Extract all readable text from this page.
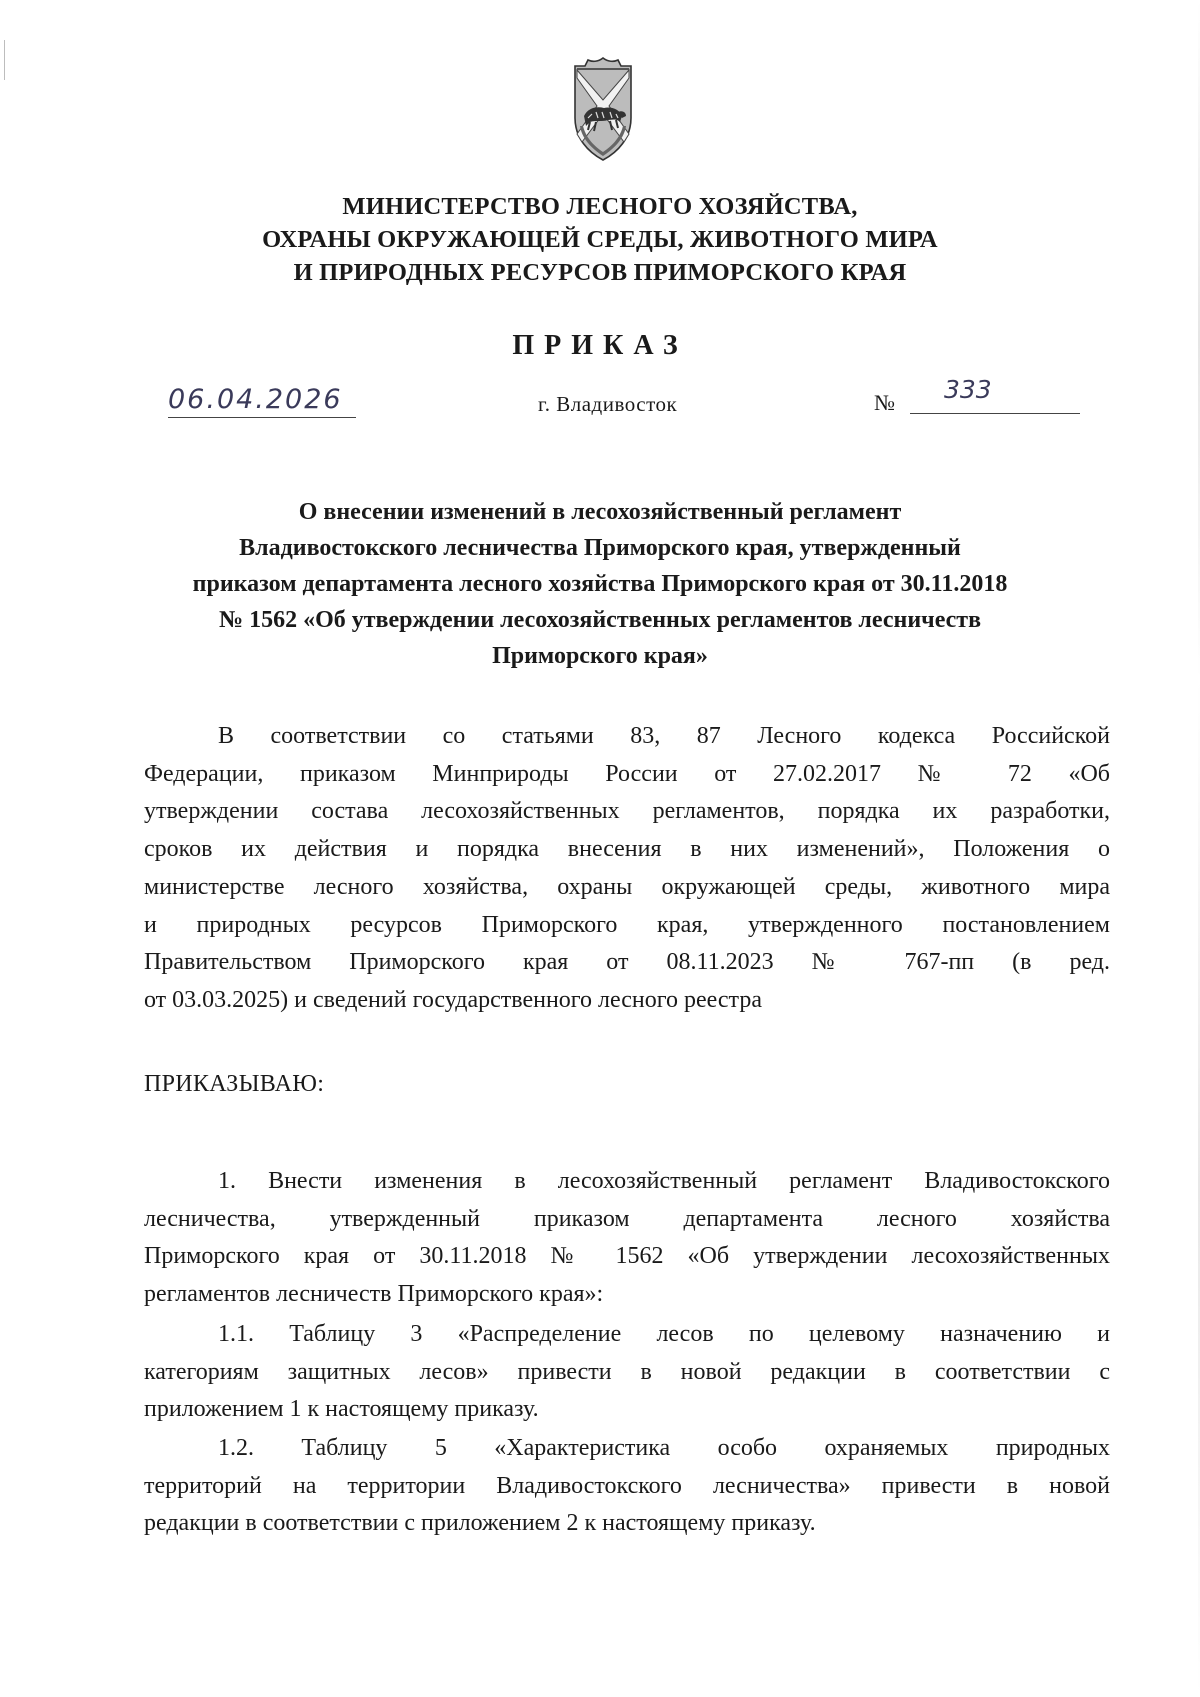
МИНИСТЕРСТВО ЛЕСНОГО ХОЗЯЙСТВА,
ОХРАНЫ ОКРУЖАЮЩЕЙ СРЕДЫ, ЖИВОТНОГО МИРА
И ПРИРОДНЫХ РЕСУРСОВ ПРИМОРСКОГО КРАЯ
ПРИКАЗ
06.04.2026	г. Владивосток	№	333
О внесении изменений в лесохозяйственный регламент
Владивостокского лесничества Приморского края, утвержденный
приказом департамента лесного хозяйства Приморского края от 30.11.2018
№ 1562 «Об утверждении лесохозяйственных регламентов лесничеств
Приморского края»
В соответствии со статьями 83, 87 Лесного кодекса Российской
Федерации, приказом Минприроды России от 27.02.2017 № 72 «Об
утверждении состава лесохозяйственных регламентов, порядка их разработки,
сроков их действия и порядка внесения в них изменений», Положения о
министерстве лесного хозяйства, охраны окружающей среды, животного мира
и природных ресурсов Приморского края, утвержденного постановлением
Правительством Приморского края от 08.11.2023 № 767-пп (в ред.
от 03.03.2025) и сведений государственного лесного реестра
ПРИКАЗЫВАЮ:
1. Внести изменения в лесохозяйственный регламент Владивостокского
лесничества, утвержденный приказом департамента лесного хозяйства
Приморского края от 30.11.2018 № 1562 «Об утверждении лесохозяйственных
регламентов лесничеств Приморского края»:
1.1. Таблицу 3 «Распределение лесов по целевому назначению и
категориям защитных лесов» привести в новой редакции в соответствии с
приложением 1 к настоящему приказу.
1.2. Таблицу 5 «Характеристика особо охраняемых природных
территорий на территории Владивостокского лесничества» привести в новой
редакции в соответствии с приложением 2 к настоящему приказу.
